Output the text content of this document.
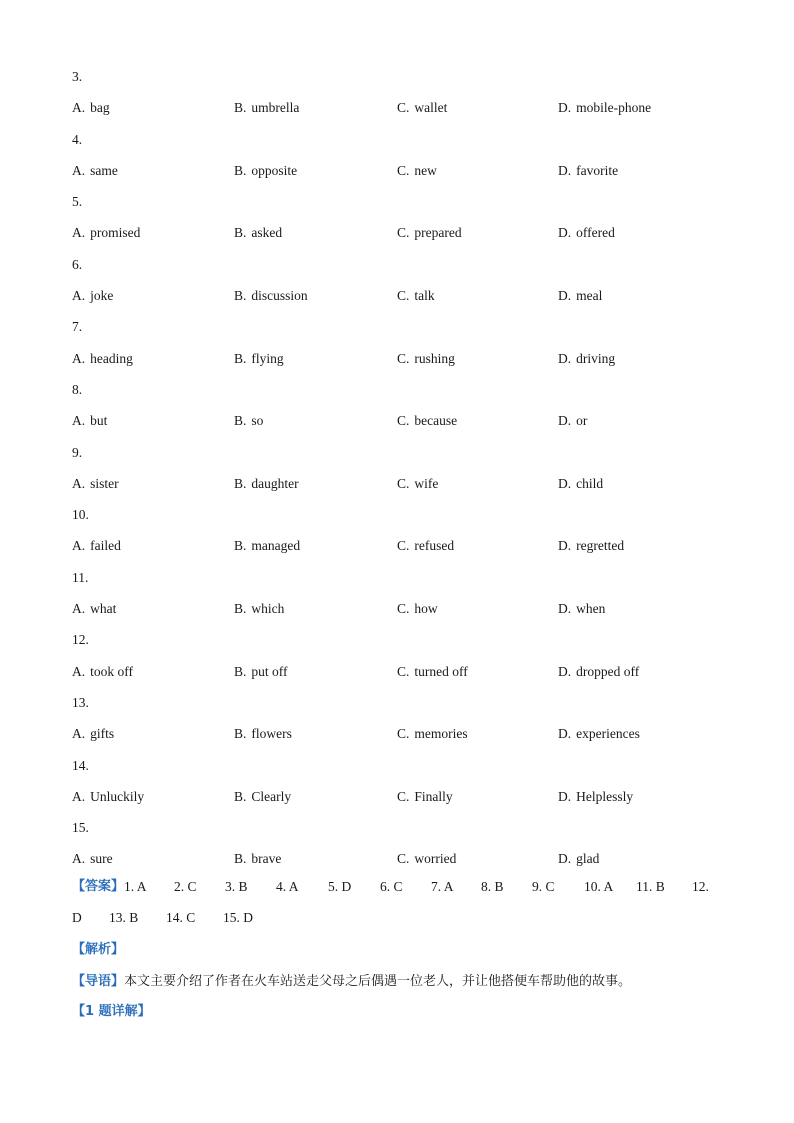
3.
A. bag	B. umbrella	C. wallet	D. mobile-phone
4.
A. same	B. opposite	C. new	D. favorite
5.
A. promised	B. asked	C. prepared	D. offered
6.
A. joke	B. discussion	C. talk	D. meal
7.
A. heading	B. flying	C. rushing	D. driving
8.
A. but	B. so	C. because	D. or
9.
A. sister	B. daughter	C. wife	D. child
10.
A. failed	B. managed	C. refused	D. regretted
11.
A. what	B. which	C. how	D. when
12.
A. took off	B. put off	C. turned off	D. dropped off
13.
A. gifts	B. flowers	C. memories	D. experiences
14.
A. Unluckily	B. Clearly	C. Finally	D. Helplessly
15.
A. sure	B. brave	C. worried	D. glad
【答案】 1. A	2. C	3. B	4. A	5. D	6. C	7. A	8. B	9. C	10. A	11. B	12.
D	13. B	14. C	15. D
【解析】
【导语】本文主要介绍了作者在火车站送走父母之后偶遇一位老人，并让他搭便车帮助他的故事。
【1 题详解】
